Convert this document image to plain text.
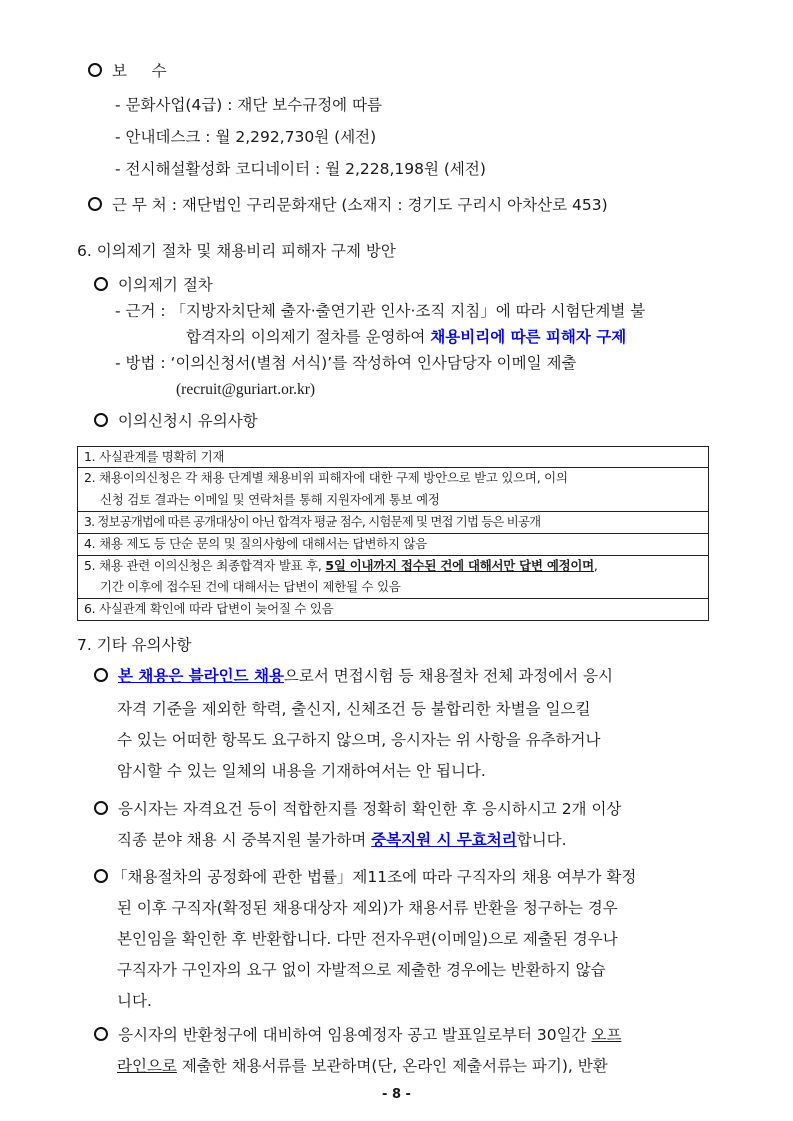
보     수
- 문화사업(4급) : 재단 보수규정에 따름
- 안내데스크 : 월 2,292,730원 (세전)
- 전시해설활성화 코디네이터 : 월 2,228,198원 (세전)
근 무 처 : 재단법인 구리문화재단 (소재지 : 경기도 구리시 아차산로 453)
6. 이의제기 절차 및 채용비리 피해자 구제 방안
이의제기 절차
- 근거 : 「지방자치단체 출자·출연기관 인사·조직 지침」에 따라 시험단계별 불
합격자의 이의제기 절차를 운영하여 채용비리에 따른 피해자 구제
- 방법 : ‘이의신청서(별첨 서식)’를 작성하여 인사담당자 이메일 제출
(recruit@guriart.or.kr)
이의신청시 유의사항
1. 사실관계를 명확히 기재
2. 채용이의신청은 각 채용 단계별 채용비위 피해자에 대한 구제 방안으로 받고 있으며, 이의
신청 검토 결과는 이메일 및 연락처를 통해 지원자에게 통보 예정
3. 정보공개법에 따른 공개대상이 아닌 합격자 평균 점수, 시험문제 및 면접 기법 등은 비공개
4. 채용 제도 등 단순 문의 및 질의사항에 대해서는 답변하지 않음
5. 채용 관련 이의신청은 최종합격자 발표 후, 5일 이내까지 접수된 건에 대해서만 답변 예정이며,
기간 이후에 접수된 건에 대해서는 답변이 제한될 수 있음
6. 사실관계 확인에 따라 답변이 늦어질 수 있음
7. 기타 유의사항
본 채용은 블라인드 채용으로서 면접시험 등 채용절차 전체 과정에서 응시
자격 기준을 제외한 학력, 출신지, 신체조건 등 불합리한 차별을 일으킬
수 있는 어떠한 항목도 요구하지 않으며, 응시자는 위 사항을 유추하거나
암시할 수 있는 일체의 내용을 기재하여서는 안 됩니다.
응시자는 자격요건 등이 적합한지를 정확히 확인한 후 응시하시고 2개 이상
직종 분야 채용 시 중복지원 불가하며 중복지원 시 무효처리합니다.
「채용절차의 공정화에 관한 법률」제11조에 따라 구직자의 채용 여부가 확정
된 이후 구직자(확정된 채용대상자 제외)가 채용서류 반환을 청구하는 경우
본인임을 확인한 후 반환합니다. 다만 전자우편(이메일)으로 제출된 경우나
구직자가 구인자의 요구 없이 자발적으로 제출한 경우에는 반환하지 않습
니다.
응시자의 반환청구에 대비하여 임용예정자 공고 발표일로부터 30일간 오프
라인으로 제출한 채용서류를 보관하며(단, 온라인 제출서류는 파기), 반환
- 8 -
